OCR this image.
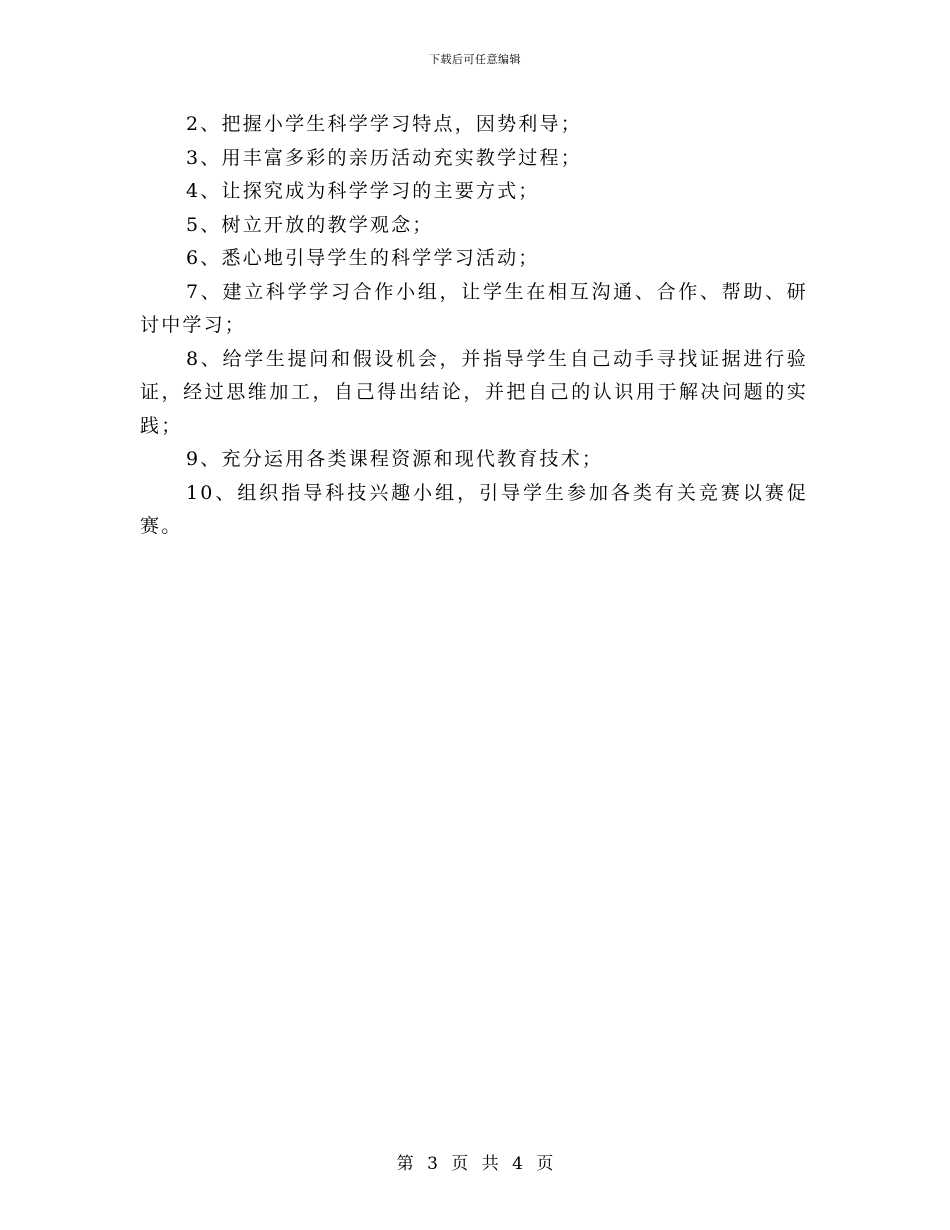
下载后可任意编辑

2、把握小学生科学学习特点，因势利导；

3、用丰富多彩的亲历活动充实教学过程；

4、让探究成为科学学习的主要方式；

5、树立开放的教学观念；

6、悉心地引导学生的科学学习活动；

7、建立科学学习合作小组，让学生在相互沟通、合作、帮助、研讨中学习；

8、给学生提问和假设机会，并指导学生自己动手寻找证据进行验证，经过思维加工，自己得出结论，并把自己的认识用于解决问题的实践；

9、充分运用各类课程资源和现代教育技术；

10、组织指导科技兴趣小组，引导学生参加各类有关竞赛以赛促赛。

第 3 页 共 4 页
